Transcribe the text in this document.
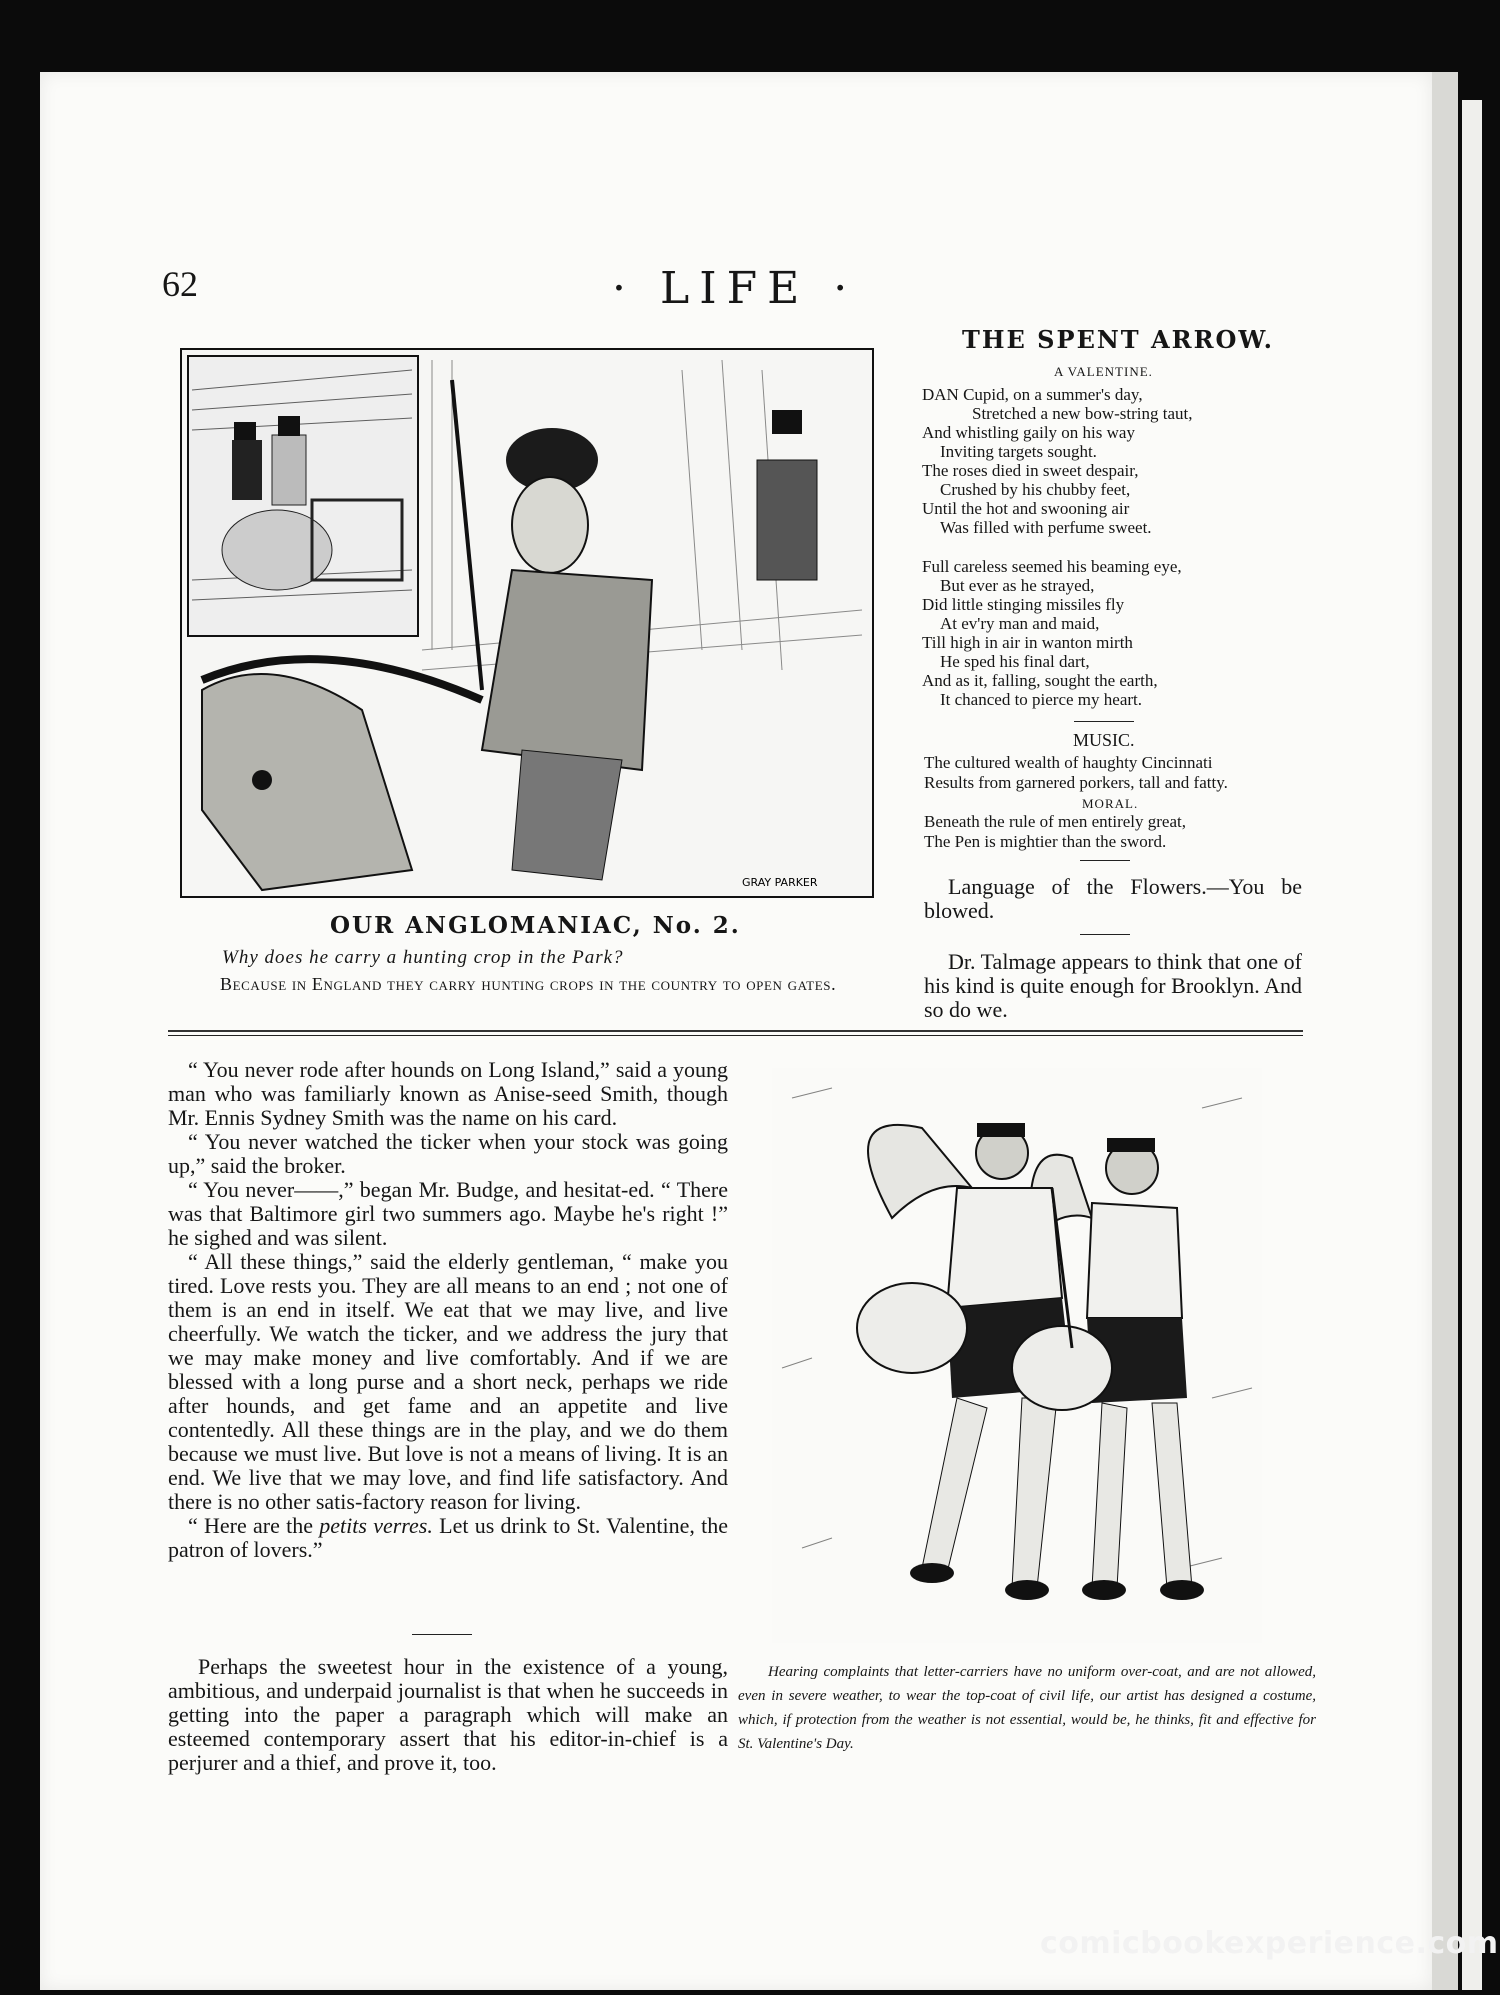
62	· LIFE ·
GRAY PARKER
OUR ANGLOMANIAC, No. 2.
Why does he carry a hunting crop in the Park?
Because in England they carry hunting crops in the country to open gates.
THE SPENT ARROW.
A VALENTINE.
DAN Cupid, on a summer's day,
Stretched a new bow-string taut,
And whistling gaily on his way
Inviting targets sought.
The roses died in sweet despair,
Crushed by his chubby feet,
Until the hot and swooning air
Was filled with perfume sweet.
Full careless seemed his beaming eye,
But ever as he strayed,
Did little stinging missiles fly
At ev'ry man and maid,
Till high in air in wanton mirth
He sped his final dart,
And as it, falling, sought the earth,
It chanced to pierce my heart.
MUSIC.
The cultured wealth of haughty Cincinnati
Results from garnered porkers, tall and fatty.
MORAL.
Beneath the rule of men entirely great,
The Pen is mightier than the sword.
Language of the Flowers.—You be blowed.
Dr. Talmage appears to think that one of his kind is quite enough for Brooklyn. And so do we.

“ You never rode after hounds on Long Island,” said a young man who was familiarly known as Anise-seed Smith, though Mr. Ennis Sydney Smith was the name on his card.

“ You never watched the ticker when your stock was going up,” said the broker.

“ You never——,” began Mr. Budge, and hesitat-ed. “ There was that Baltimore girl two summers ago. Maybe he's right !” he sighed and was silent.

“ All these things,” said the elderly gentleman, “ make you tired. Love rests you. They are all means to an end ; not one of them is an end in itself. We eat that we may live, and live cheerfully. We watch the ticker, and we address the jury that we may make money and live comfortably. And if we are blessed with a long purse and a short neck, perhaps we ride after hounds, and get fame and an appetite and live contentedly. All these things are in the play, and we do them because we must live. But love is not a means of living. It is an end. We live that we may love, and find life satisfactory. And there is no other satis-factory reason for living.

“ Here are the petits verres. Let us drink to St. Valentine, the patron of lovers.”

Perhaps the sweetest hour in the existence of a young, ambitious, and underpaid journalist is that when he succeeds in getting into the paper a paragraph which will make an esteemed contemporary assert that his editor-in-chief is a perjurer and a thief, and prove it, too.
Hearing complaints that letter-carriers have no uniform over-coat, and are not allowed, even in severe weather, to wear the top-coat of civil life, our artist has designed a costume, which, if protection from the weather is not essential, would be, he thinks, fit and effective for St. Valentine's Day.
comicbookexperience.com
